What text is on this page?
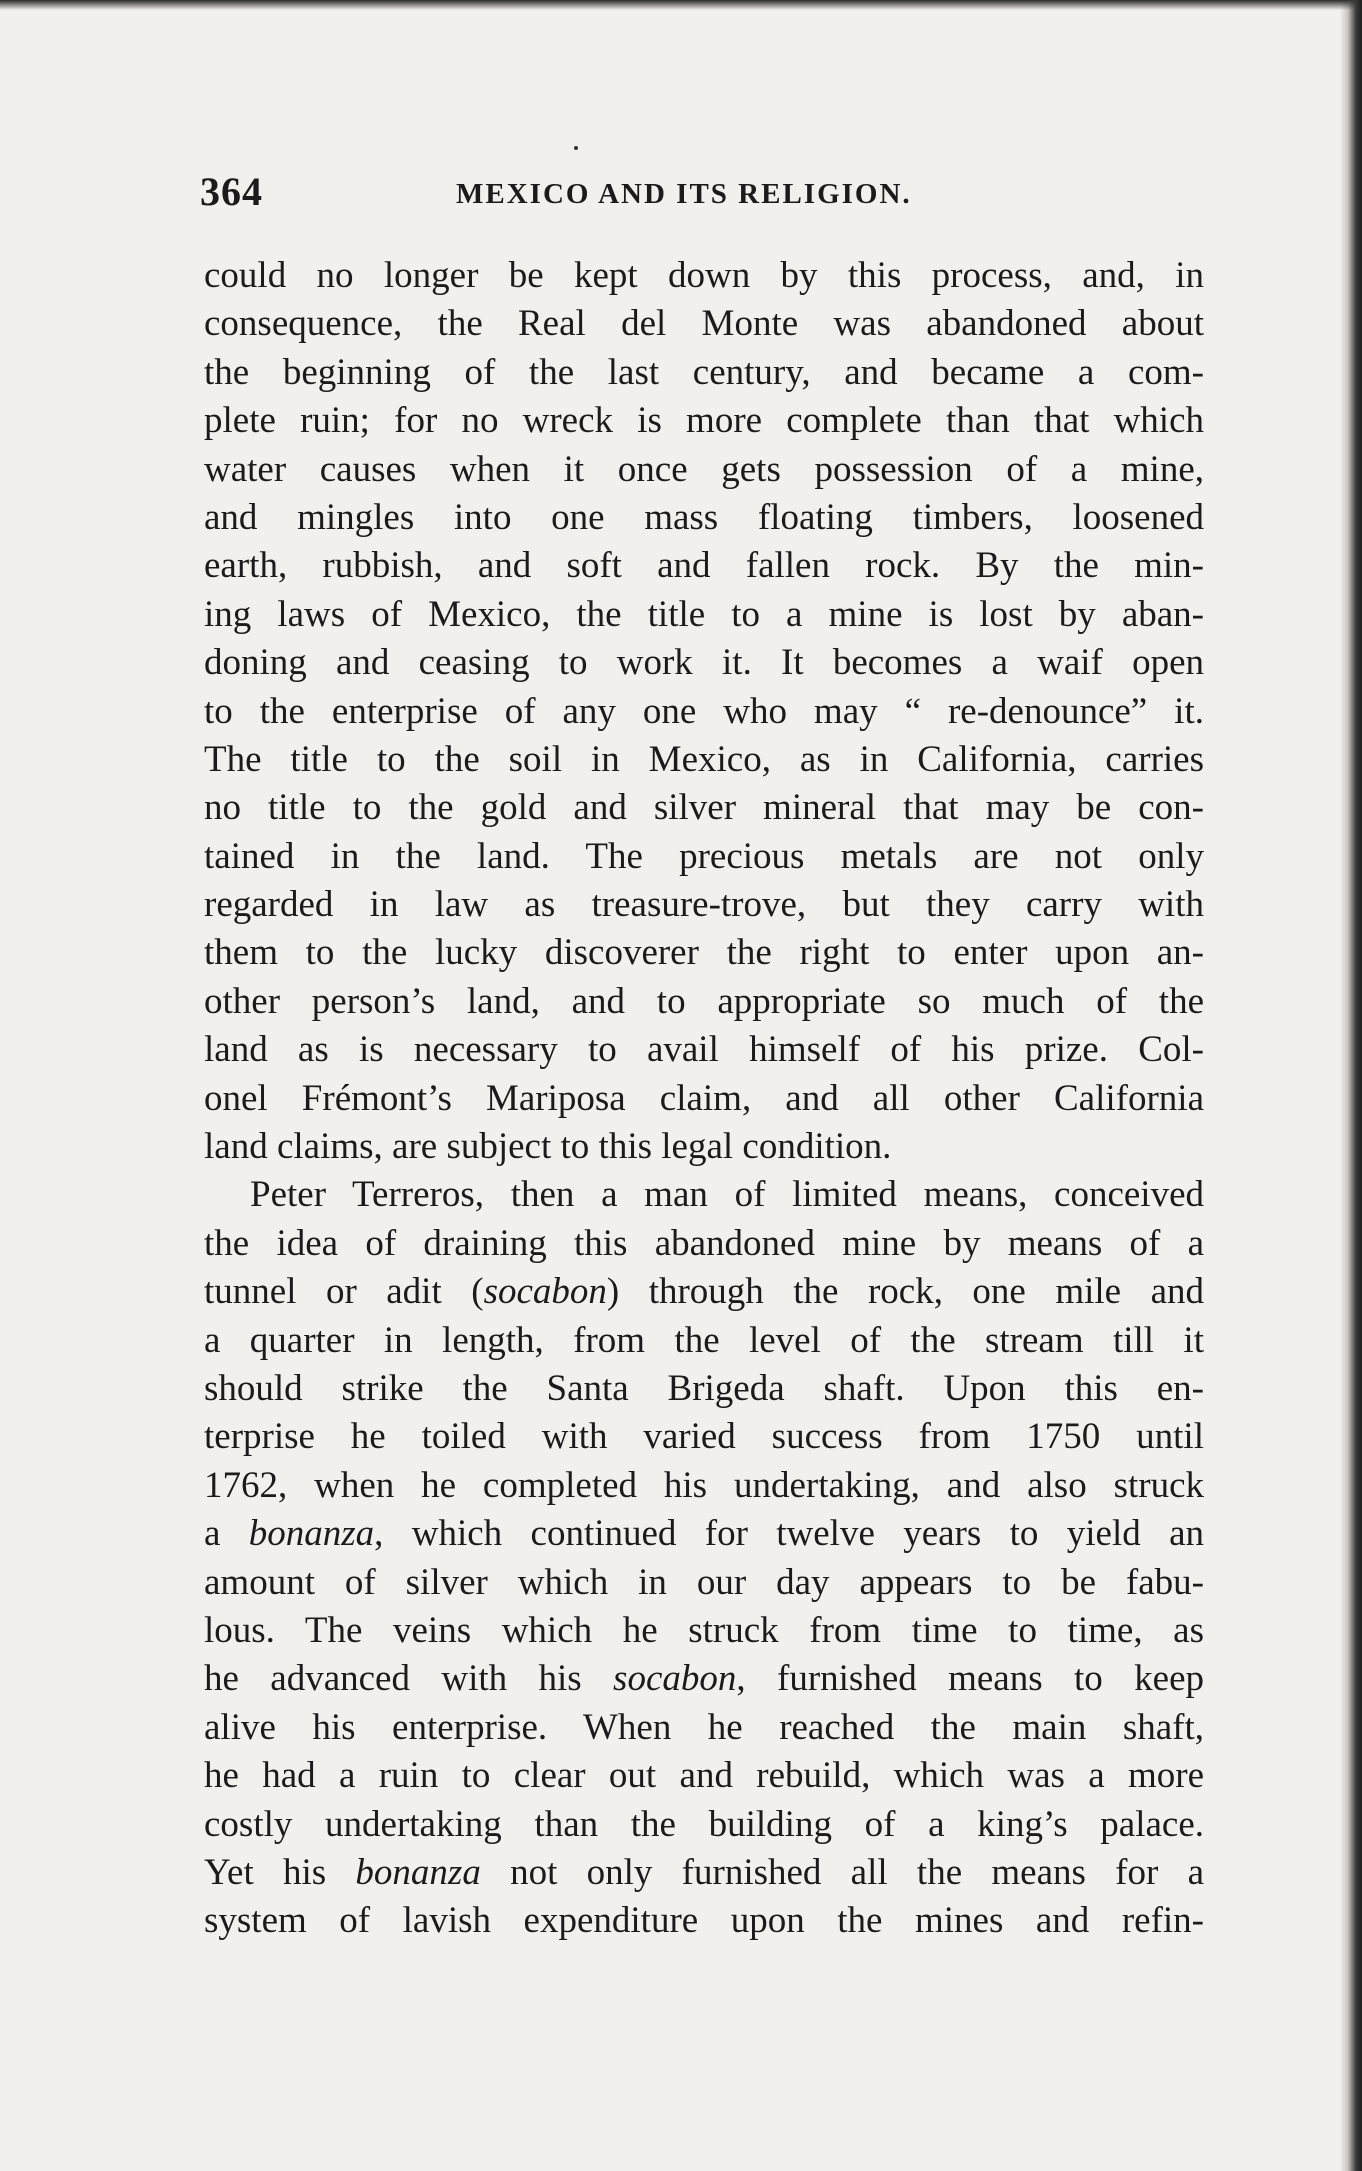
364	MEXICO AND ITS RELIGION.
could no longer be kept down by this process, and, in
consequence, the Real del Monte was abandoned about
the beginning of the last century, and became a com-
plete ruin; for no wreck is more complete than that which
water causes when it once gets possession of a mine,
and mingles into one mass floating timbers, loosened
earth, rubbish, and soft and fallen rock. By the min-
ing laws of Mexico, the title to a mine is lost by aban-
doning and ceasing to work it. It becomes a waif open
to the enterprise of any one who may “ re-denounce” it.
The title to the soil in Mexico, as in California, carries
no title to the gold and silver mineral that may be con-
tained in the land. The precious metals are not only
regarded in law as treasure-trove, but they carry with
them to the lucky discoverer the right to enter upon an-
other person’s land, and to appropriate so much of the
land as is necessary to avail himself of his prize. Col-
onel Frémont’s Mariposa claim, and all other California
land claims, are subject to this legal condition.
Peter Terreros, then a man of limited means, conceived
the idea of draining this abandoned mine by means of a
tunnel or adit (socabon) through the rock, one mile and
a quarter in length, from the level of the stream till it
should strike the Santa Brigeda shaft. Upon this en-
terprise he toiled with varied success from 1750 until
1762, when he completed his undertaking, and also struck
a bonanza, which continued for twelve years to yield an
amount of silver which in our day appears to be fabu-
lous. The veins which he struck from time to time, as
he advanced with his socabon, furnished means to keep
alive his enterprise. When he reached the main shaft,
he had a ruin to clear out and rebuild, which was a more
costly undertaking than the building of a king’s palace.
Yet his bonanza not only furnished all the means for a
system of lavish expenditure upon the mines and refin-
